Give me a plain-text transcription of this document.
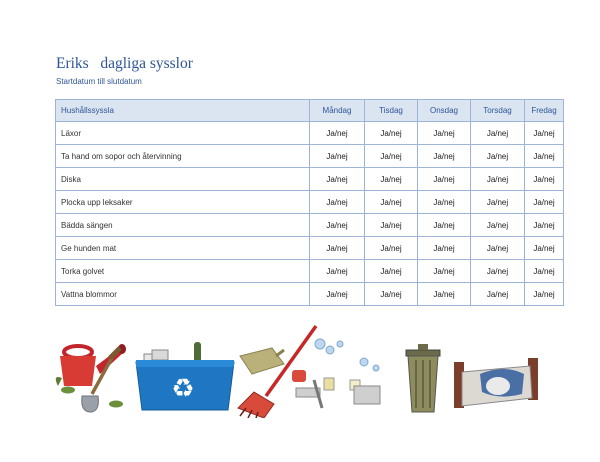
Eriks   dagliga sysslor
Startdatum till slutdatum
Hushållssyssla	Måndag	Tisdag	Onsdag	Torsdag	Fredag
Läxor	Ja/nej	Ja/nej	Ja/nej	Ja/nej	Ja/nej
Ta hand om sopor och återvinning	Ja/nej	Ja/nej	Ja/nej	Ja/nej	Ja/nej
Diska	Ja/nej	Ja/nej	Ja/nej	Ja/nej	Ja/nej
Plocka upp leksaker	Ja/nej	Ja/nej	Ja/nej	Ja/nej	Ja/nej
Bädda sängen	Ja/nej	Ja/nej	Ja/nej	Ja/nej	Ja/nej
Ge hunden mat	Ja/nej	Ja/nej	Ja/nej	Ja/nej	Ja/nej
Torka golvet	Ja/nej	Ja/nej	Ja/nej	Ja/nej	Ja/nej
Vattna blommor	Ja/nej	Ja/nej	Ja/nej	Ja/nej	Ja/nej
♻
